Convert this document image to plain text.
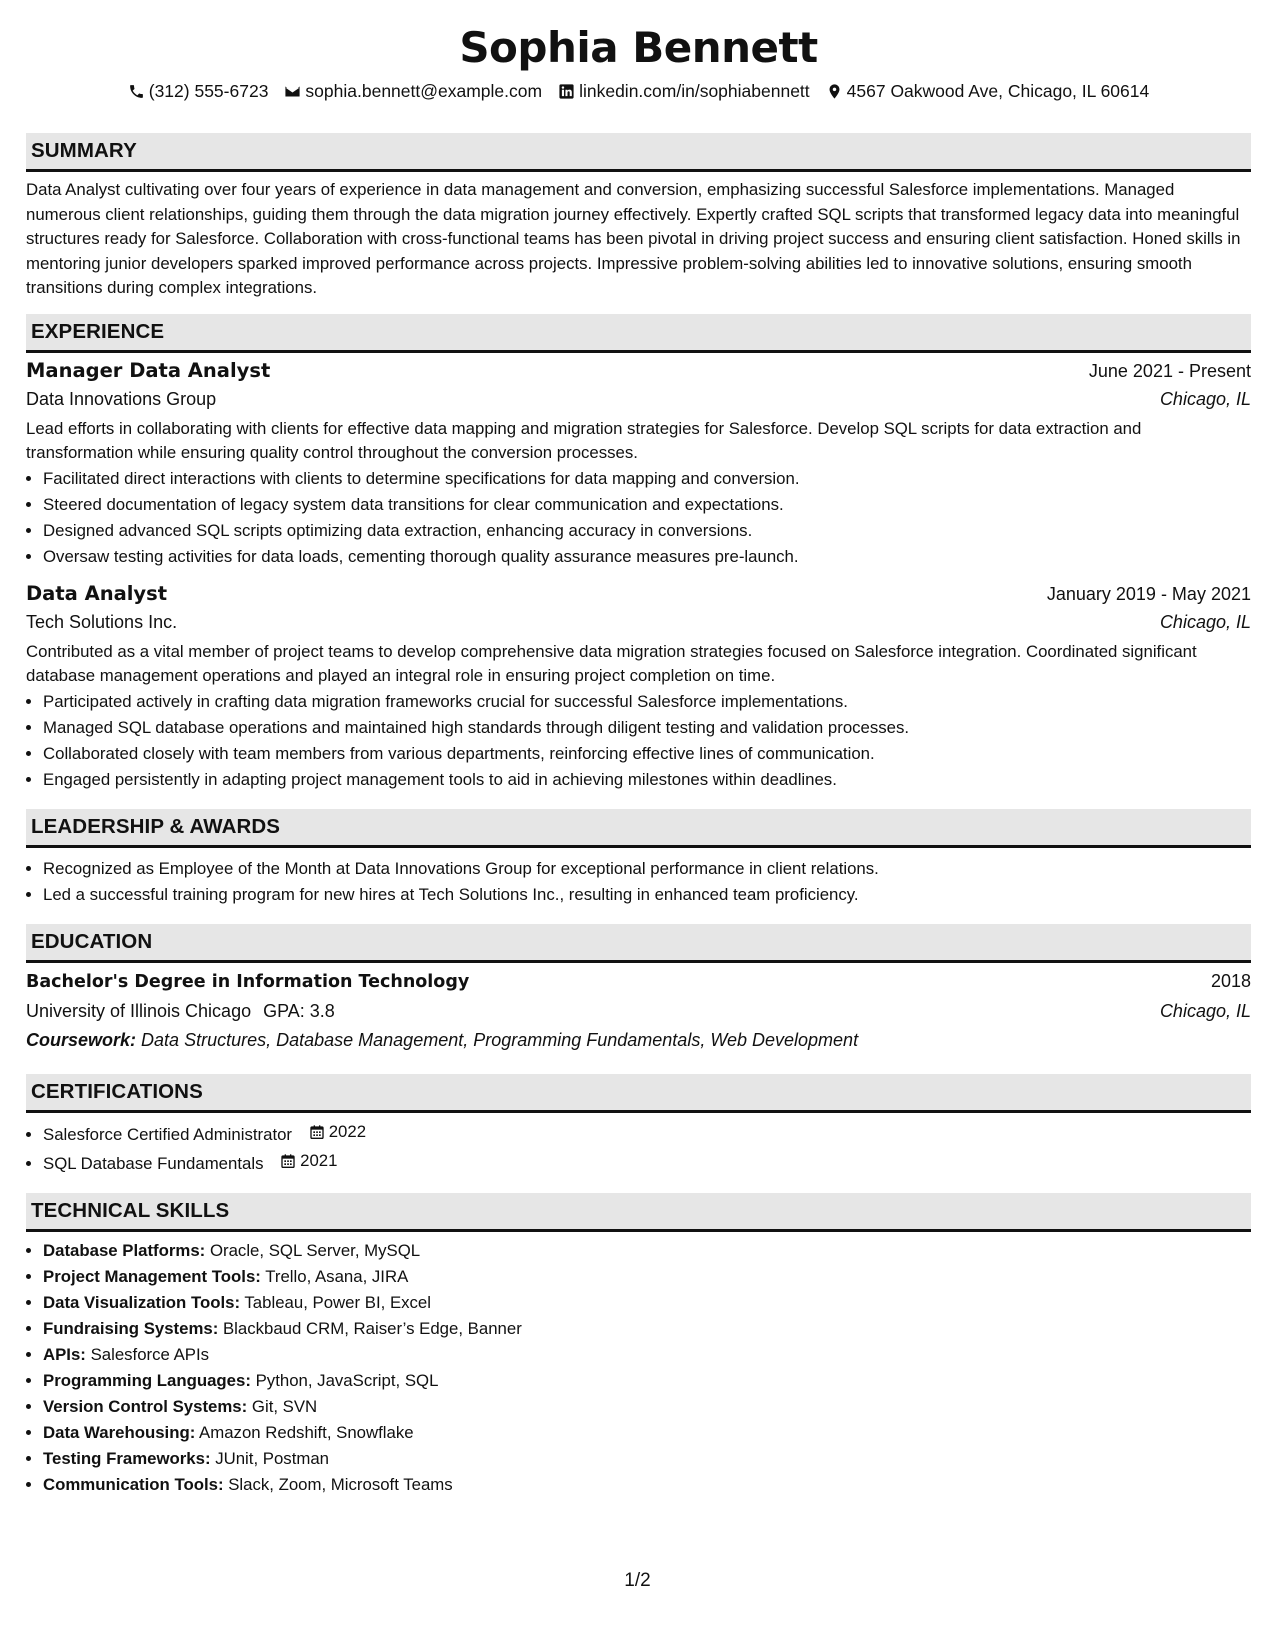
Sophia Bennett
(312) 555-6723 sophia.bennett@example.com linkedin.com/in/sophiabennett 4567 Oakwood Ave, Chicago, IL 60614
SUMMARY

Data Analyst cultivating over four years of experience in data management and conversion, emphasizing successful Salesforce implementations. Managed numerous client relationships, guiding them through the data migration journey effectively. Expertly crafted SQL scripts that transformed legacy data into meaningful structures ready for Salesforce. Collaboration with cross-functional teams has been pivotal in driving project success and ensuring client satisfaction. Honed skills in mentoring junior developers sparked improved performance across projects. Impressive problem-solving abilities led to innovative solutions, ensuring smooth transitions during complex integrations.

EXPERIENCE
Manager Data Analyst	June 2021 - Present
Data Innovations Group	Chicago, IL

Lead efforts in collaborating with clients for effective data mapping and migration strategies for Salesforce. Develop SQL scripts for data extraction and transformation while ensuring quality control throughout the conversion processes.

• Facilitated direct interactions with clients to determine specifications for data mapping and conversion.
• Steered documentation of legacy system data transitions for clear communication and expectations.
• Designed advanced SQL scripts optimizing data extraction, enhancing accuracy in conversions.
• Oversaw testing activities for data loads, cementing thorough quality assurance measures pre-launch.
Data Analyst	January 2019 - May 2021
Tech Solutions Inc.	Chicago, IL

Contributed as a vital member of project teams to develop comprehensive data migration strategies focused on Salesforce integration. Coordinated significant database management operations and played an integral role in ensuring project completion on time.

• Participated actively in crafting data migration frameworks crucial for successful Salesforce implementations.
• Managed SQL database operations and maintained high standards through diligent testing and validation processes.
• Collaborated closely with team members from various departments, reinforcing effective lines of communication.
• Engaged persistently in adapting project management tools to aid in achieving milestones within deadlines.
LEADERSHIP & AWARDS
• Recognized as Employee of the Month at Data Innovations Group for exceptional performance in client relations.
• Led a successful training program for new hires at Tech Solutions Inc., resulting in enhanced team proficiency.
EDUCATION
Bachelor's Degree in Information Technology	2018
University of Illinois Chicago GPA: 3.8	Chicago, IL
Coursework: Data Structures, Database Management, Programming Fundamentals, Web Development
CERTIFICATIONS
• Salesforce Certified Administrator 2022
• SQL Database Fundamentals 2021
TECHNICAL SKILLS
• Database Platforms: Oracle, SQL Server, MySQL
• Project Management Tools: Trello, Asana, JIRA
• Data Visualization Tools: Tableau, Power BI, Excel
• Fundraising Systems: Blackbaud CRM, Raiser’s Edge, Banner
• APIs: Salesforce APIs
• Programming Languages: Python, JavaScript, SQL
• Version Control Systems: Git, SVN
• Data Warehousing: Amazon Redshift, Snowflake
• Testing Frameworks: JUnit, Postman
• Communication Tools: Slack, Zoom, Microsoft Teams
1/2
